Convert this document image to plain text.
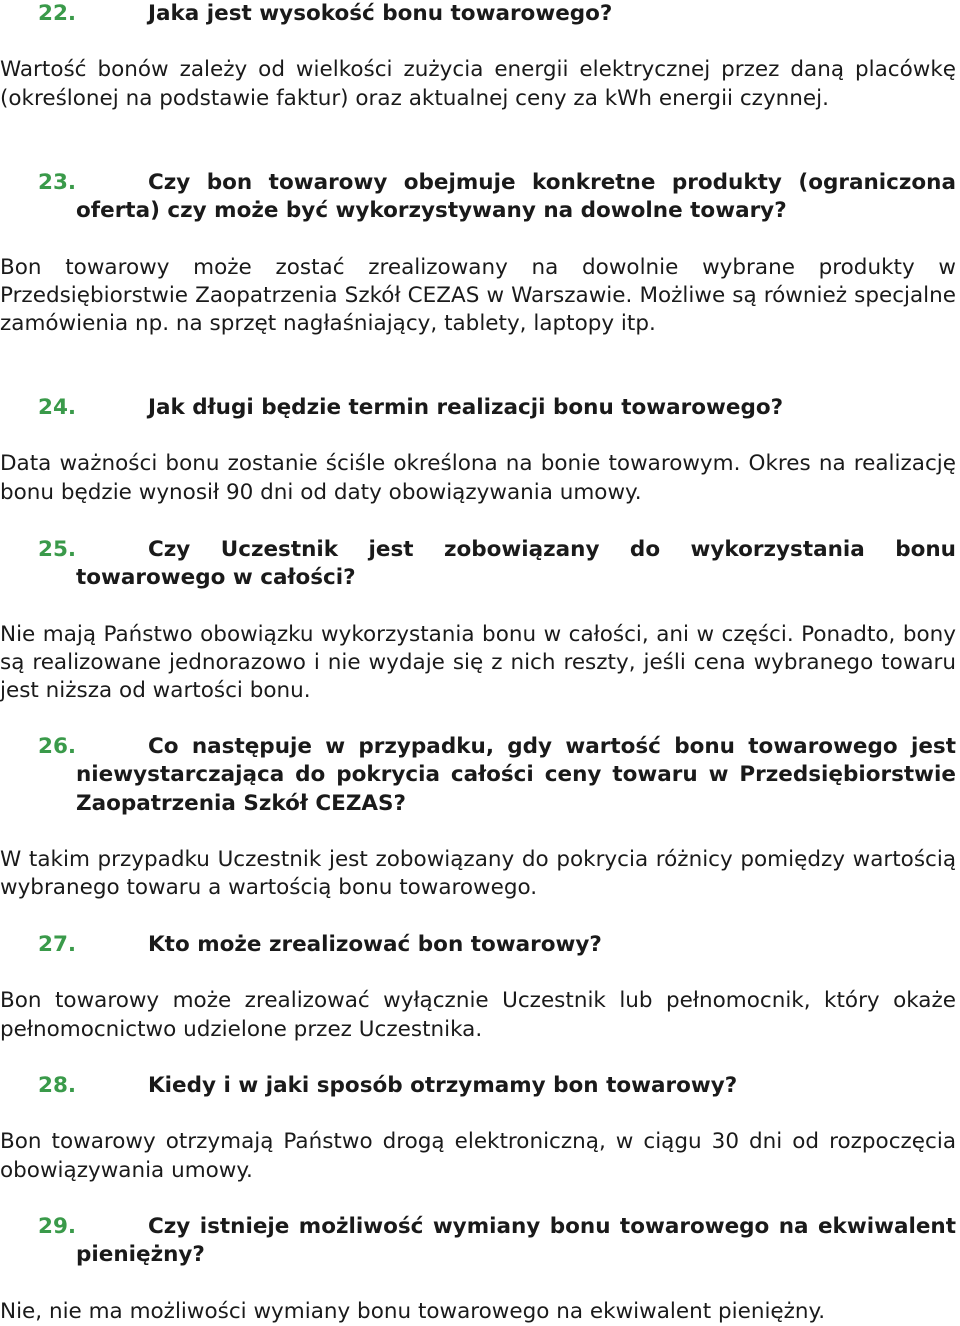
22.	Jaka jest wysokość bonu towarowego?
Wartość bonów zależy od wielkości zużycia energii elektrycznej przez daną placówkę (określonej na podstawie faktur) oraz aktualnej ceny za kWh energii czynnej.
23.	Czy bon towarowy obejmuje konkretne produkty (ograniczona oferta) czy może być wykorzystywany na dowolne towary?
Bon towarowy może zostać zrealizowany na dowolnie wybrane produkty w Przedsiębiorstwie Zaopatrzenia Szkół CEZAS w Warszawie. Możliwe są również specjalne zamówienia np. na sprzęt nagłaśniający, tablety, laptopy itp.
24.	Jak długi będzie termin realizacji bonu towarowego?
Data ważności bonu zostanie ściśle określona na bonie towarowym. Okres na realizację bonu będzie wynosił 90 dni od daty obowiązywania umowy.
25.	Czy Uczestnik jest zobowiązany do wykorzystania bonu towarowego w całości?
Nie mają Państwo obowiązku wykorzystania bonu w całości, ani w części. Ponadto, bony są realizowane jednorazowo i nie wydaje się z nich reszty, jeśli cena wybranego towaru jest niższa od wartości bonu.
26.	Co następuje w przypadku, gdy wartość bonu towarowego jest niewystarczająca do pokrycia całości ceny towaru w Przedsiębiorstwie Zaopatrzenia Szkół CEZAS?
W takim przypadku Uczestnik jest zobowiązany do pokrycia różnicy pomiędzy wartością wybranego towaru a wartością bonu towarowego.
27.	Kto może zrealizować bon towarowy?
Bon towarowy może zrealizować wyłącznie Uczestnik lub pełnomocnik, który okaże pełnomocnictwo udzielone przez Uczestnika.
28.	Kiedy i w jaki sposób otrzymamy bon towarowy?
Bon towarowy otrzymają Państwo drogą elektroniczną, w ciągu 30 dni od rozpoczęcia obowiązywania umowy.
29.	Czy istnieje możliwość wymiany bonu towarowego na ekwiwalent pieniężny?
Nie, nie ma możliwości wymiany bonu towarowego na ekwiwalent pieniężny.
